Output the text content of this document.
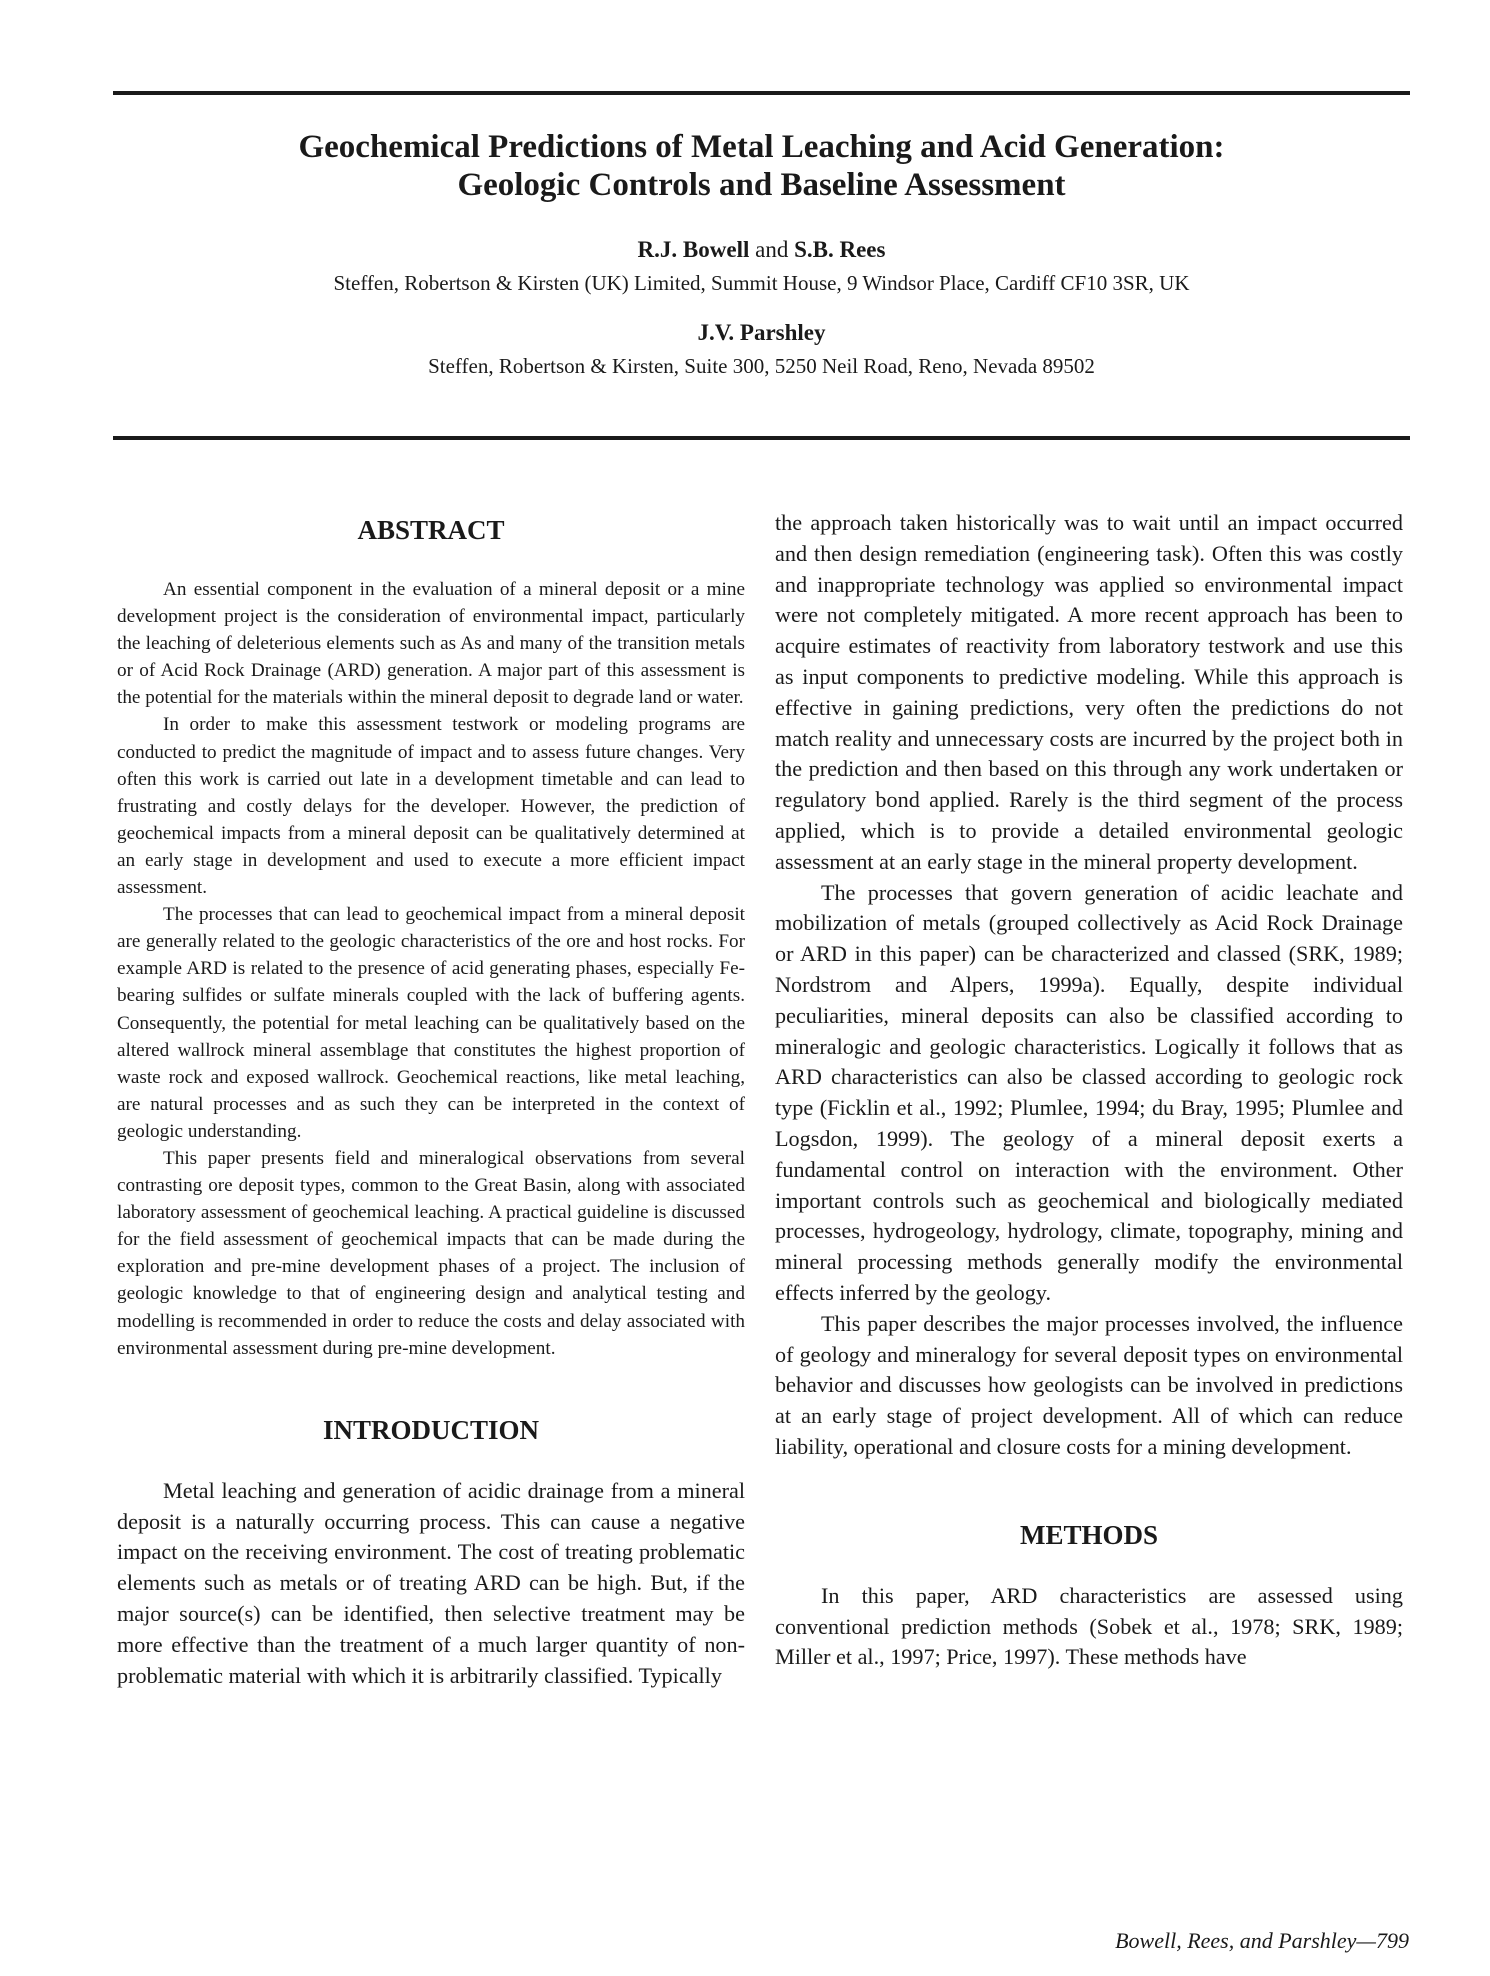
Geochemical Predictions of Metal Leaching and Acid Generation:
Geologic Controls and Baseline Assessment
R.J. Bowell and S.B. Rees
Steffen, Robertson & Kirsten (UK) Limited, Summit House, 9 Windsor Place, Cardiff CF10 3SR, UK
J.V. Parshley
Steffen, Robertson & Kirsten, Suite 300, 5250 Neil Road, Reno, Nevada 89502
ABSTRACT

An essential component in the evaluation of a mineral deposit or a mine development project is the consideration of environmental impact, particularly the leaching of deleterious elements such as As and many of the transition metals or of Acid Rock Drainage (ARD) generation. A major part of this assessment is the potential for the materials within the mineral deposit to degrade land or water.

In order to make this assessment testwork or modeling programs are conducted to predict the magnitude of impact and to assess future changes. Very often this work is carried out late in a development timetable and can lead to frustrating and costly delays for the developer. However, the prediction of geochemical impacts from a mineral deposit can be qualitatively determined at an early stage in development and used to execute a more efficient impact assessment.

The processes that can lead to geochemical impact from a mineral deposit are generally related to the geologic characteristics of the ore and host rocks. For example ARD is related to the presence of acid generating phases, especially Fe-bearing sulfides or sulfate minerals coupled with the lack of buffering agents. Consequently, the potential for metal leaching can be qualitatively based on the altered wallrock mineral assemblage that constitutes the highest proportion of waste rock and exposed wallrock. Geochemical reactions, like metal leaching, are natural processes and as such they can be interpreted in the context of geologic understanding.

This paper presents field and mineralogical observations from several contrasting ore deposit types, common to the Great Basin, along with associated laboratory assessment of geochemical leaching. A practical guideline is discussed for the field assessment of geochemical impacts that can be made during the exploration and pre-mine development phases of a project. The inclusion of geologic knowledge to that of engineering design and analytical testing and modelling is recommended in order to reduce the costs and delay associated with environmental assessment during pre-mine development.

INTRODUCTION

Metal leaching and generation of acidic drainage from a mineral deposit is a naturally occurring process. This can cause a negative impact on the receiving environment. The cost of treating problematic elements such as metals or of treating ARD can be high. But, if the major source(s) can be identified, then selective treatment may be more effective than the treatment of a much larger quantity of non-problematic material with which it is arbitrarily classified. Typically

the approach taken historically was to wait until an impact occurred and then design remediation (engineering task). Often this was costly and inappropriate technology was applied so environmental impact were not completely mitigated. A more recent approach has been to acquire estimates of reactivity from laboratory testwork and use this as input components to predictive modeling. While this approach is effective in gaining predictions, very often the predictions do not match reality and unnecessary costs are incurred by the project both in the prediction and then based on this through any work undertaken or regulatory bond applied. Rarely is the third segment of the process applied, which is to provide a detailed environmental geologic assessment at an early stage in the mineral property development.

The processes that govern generation of acidic leachate and mobilization of metals (grouped collectively as Acid Rock Drainage or ARD in this paper) can be characterized and classed (SRK, 1989; Nordstrom and Alpers, 1999a). Equally, despite individual peculiarities, mineral deposits can also be classified according to mineralogic and geologic characteristics. Logically it follows that as ARD characteristics can also be classed according to geologic rock type (Ficklin et al., 1992; Plumlee, 1994; du Bray, 1995; Plumlee and Logsdon, 1999). The geology of a mineral deposit exerts a fundamental control on interaction with the environment. Other important controls such as geochemical and biologically mediated processes, hydrogeology, hydrology, climate, topography, mining and mineral processing methods generally modify the environmental effects inferred by the geology.

This paper describes the major processes involved, the influence of geology and mineralogy for several deposit types on environmental behavior and discusses how geologists can be involved in predictions at an early stage of project development. All of which can reduce liability, operational and closure costs for a mining development.

METHODS

In this paper, ARD characteristics are assessed using conventional prediction methods (Sobek et al., 1978; SRK, 1989; Miller et al., 1997; Price, 1997). These methods have

Bowell, Rees, and Parshley—799
